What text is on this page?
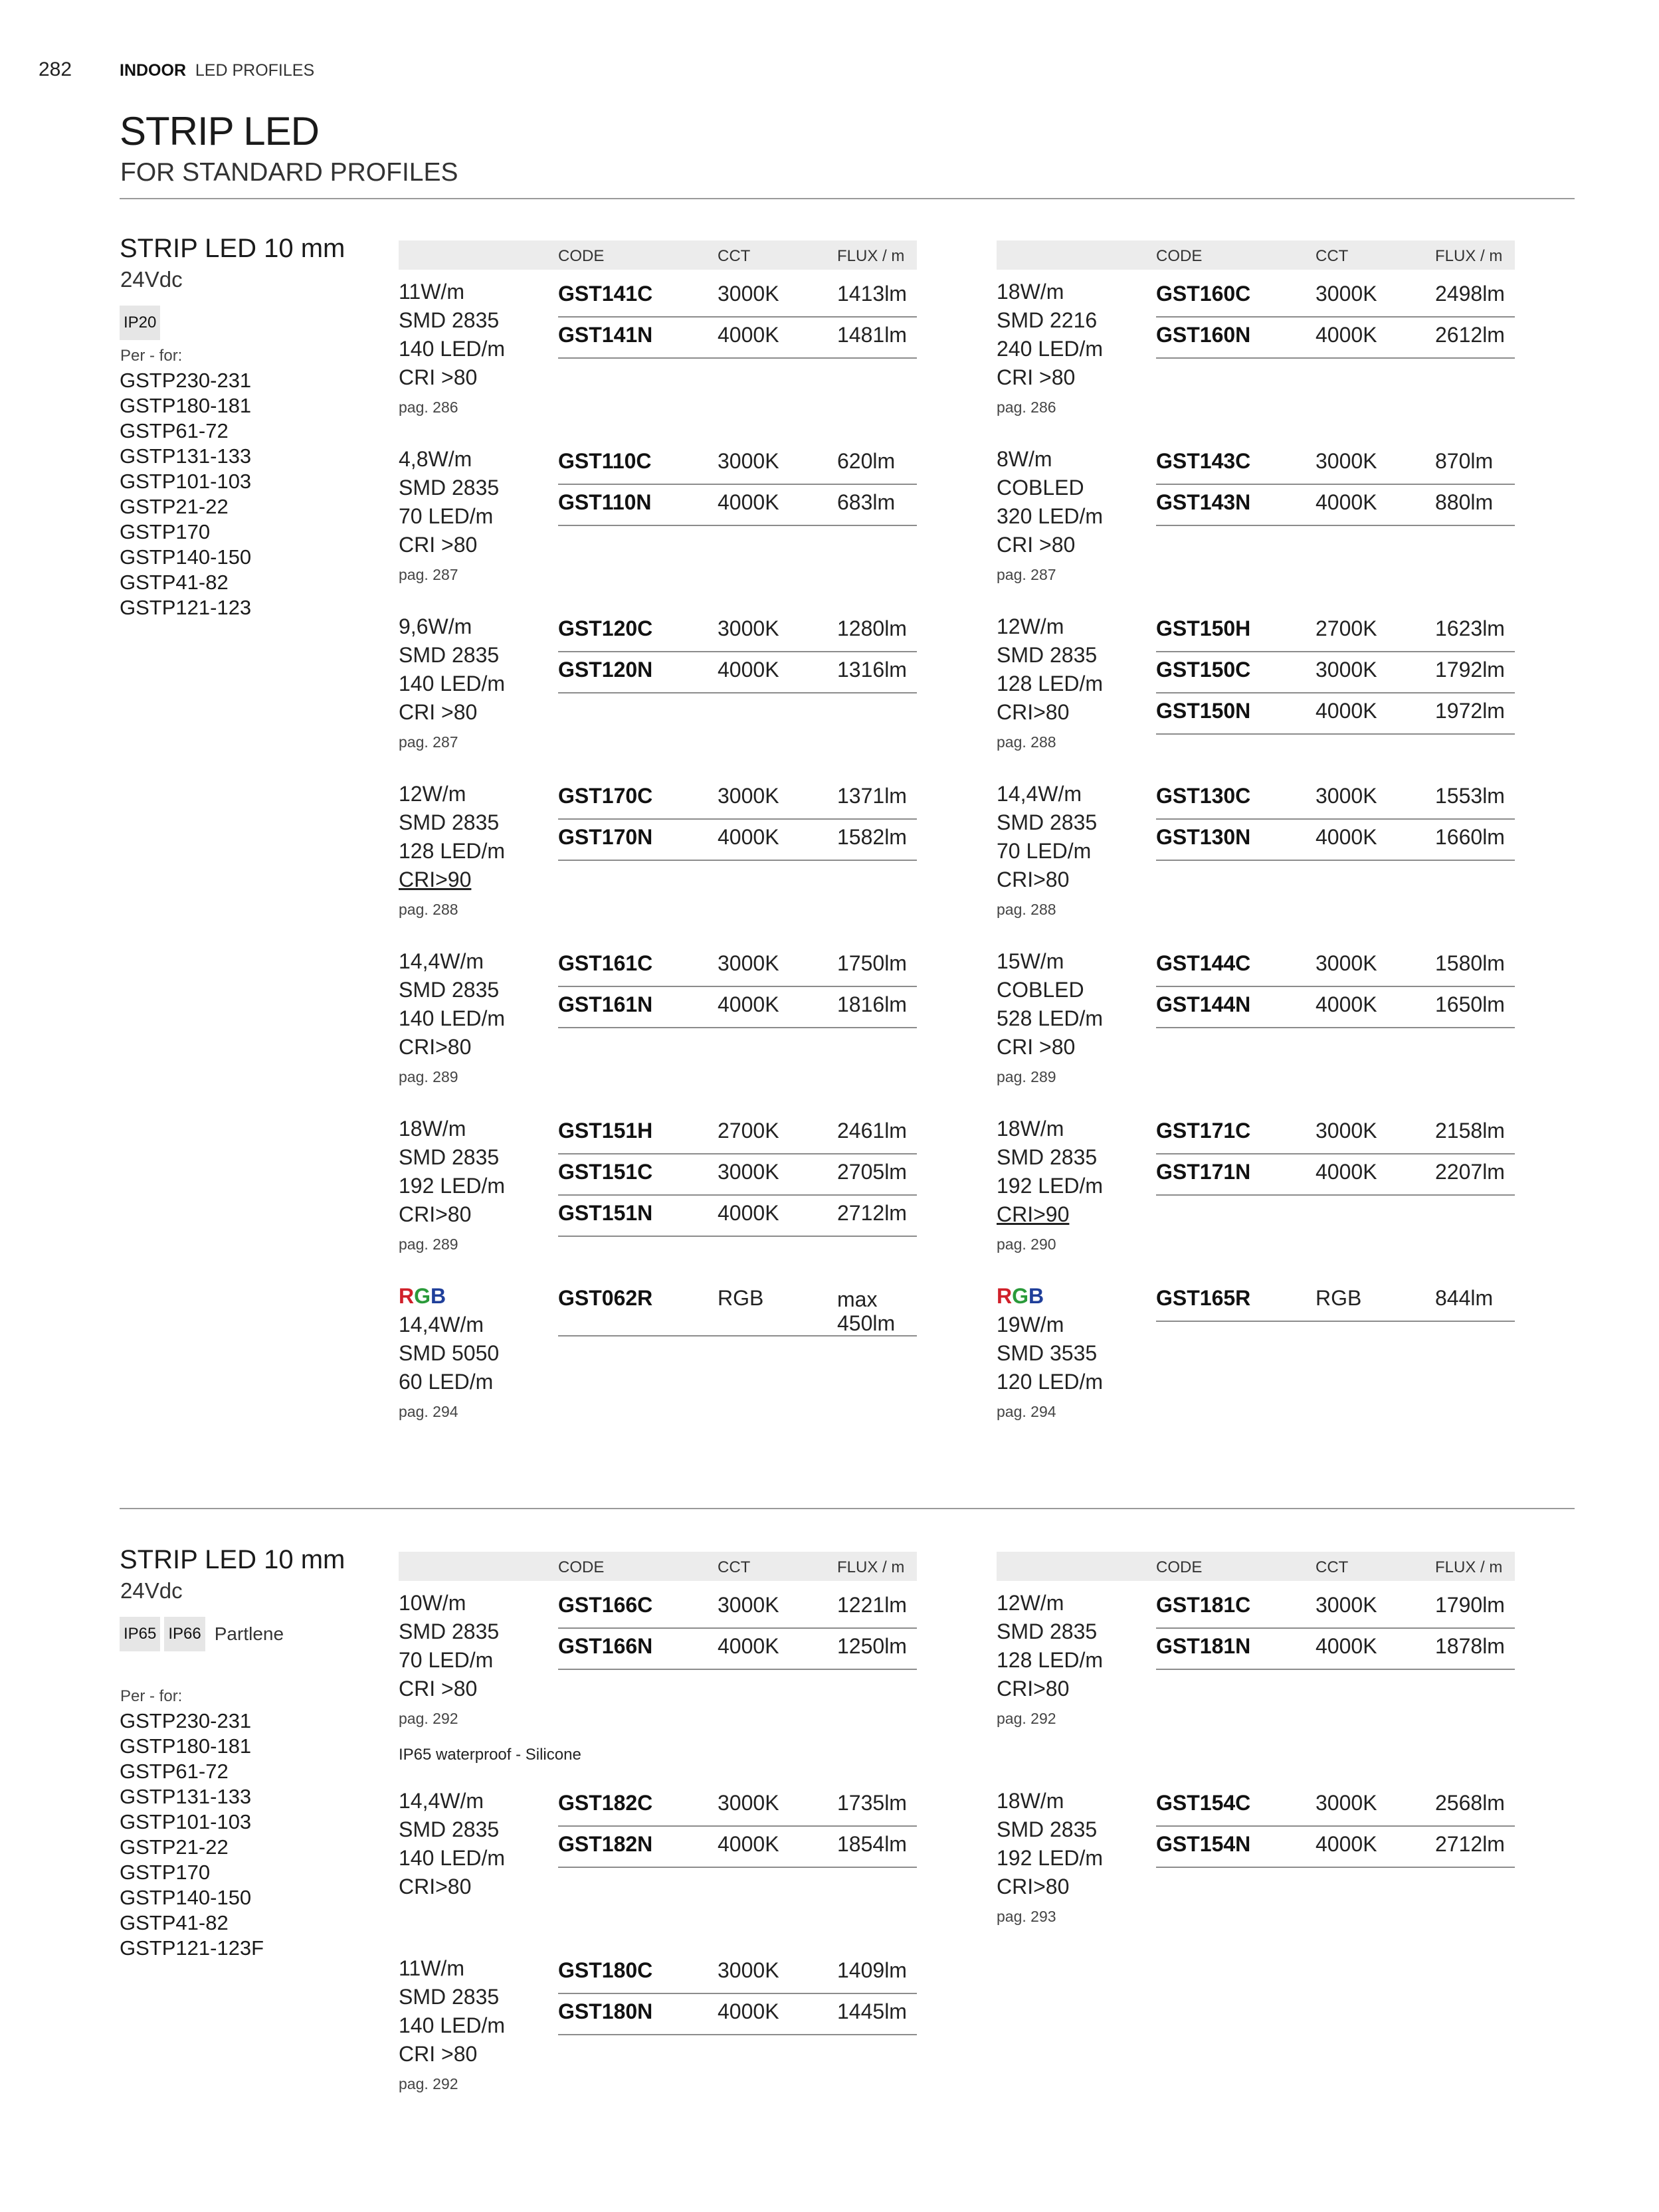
282	INDOOR LED PROFILES
STRIP LED
FOR STANDARD PROFILES
STRIP LED 10 mm
24Vdc
IP20
Per - for:
GSTP230-231
GSTP180-181
GSTP61-72
GSTP131-133
GSTP101-103
GSTP21-22
GSTP170
GSTP140-150
GSTP41-82
GSTP121-123
CODE	CCT	FLUX / m	CODE	CCT	FLUX / m
11W/m
SMD 2835
140 LED/m
CRI >80
pag. 286
GST141C	3000K	1413lm
GST141N	4000K	1481lm
18W/m
SMD 2216
240 LED/m
CRI >80
pag. 286
GST160C	3000K	2498lm
GST160N	4000K	2612lm
4,8W/m
SMD 2835
70 LED/m
CRI >80
pag. 287
GST110C	3000K	620lm
GST110N	4000K	683lm
8W/m
COBLED
320 LED/m
CRI >80
pag. 287
GST143C	3000K	870lm
GST143N	4000K	880lm
9,6W/m
SMD 2835
140 LED/m
CRI >80
pag. 287
GST120C	3000K	1280lm
GST120N	4000K	1316lm
12W/m
SMD 2835
128 LED/m
CRI>80
pag. 288
GST150H	2700K	1623lm
GST150C	3000K	1792lm
GST150N	4000K	1972lm
12W/m
SMD 2835
128 LED/m
CRI>90
pag. 288
GST170C	3000K	1371lm
GST170N	4000K	1582lm
14,4W/m
SMD 2835
70 LED/m
CRI>80
pag. 288
GST130C	3000K	1553lm
GST130N	4000K	1660lm
14,4W/m
SMD 2835
140 LED/m
CRI>80
pag. 289
GST161C	3000K	1750lm
GST161N	4000K	1816lm
15W/m
COBLED
528 LED/m
CRI >80
pag. 289
GST144C	3000K	1580lm
GST144N	4000K	1650lm
18W/m
SMD 2835
192 LED/m
CRI>80
pag. 289
GST151H	2700K	2461lm
GST151C	3000K	2705lm
GST151N	4000K	2712lm
18W/m
SMD 2835
192 LED/m
CRI>90
pag. 290
GST171C	3000K	2158lm
GST171N	4000K	2207lm
RGB
14,4W/m
SMD 5050
60 LED/m
pag. 294
GST062R	RGB	max
450lm
RGB
19W/m
SMD 3535
120 LED/m
pag. 294
GST165R	RGB	844lm
STRIP LED 10 mm
24Vdc
IP65 IP66 Partlene
Per - for:
GSTP230-231
GSTP180-181
GSTP61-72
GSTP131-133
GSTP101-103
GSTP21-22
GSTP170
GSTP140-150
GSTP41-82
GSTP121-123F
CODE	CCT	FLUX / m	CODE	CCT	FLUX / m
10W/m
SMD 2835
70 LED/m
CRI >80
pag. 292
GST166C	3000K	1221lm
GST166N	4000K	1250lm
12W/m
SMD 2835
128 LED/m
CRI>80
pag. 292
GST181C	3000K	1790lm
GST181N	4000K	1878lm
IP65 waterproof - Silicone
14,4W/m
SMD 2835
140 LED/m
CRI>80
GST182C	3000K	1735lm
GST182N	4000K	1854lm
18W/m
SMD 2835
192 LED/m
CRI>80
pag. 293
GST154C	3000K	2568lm
GST154N	4000K	2712lm
11W/m
SMD 2835
140 LED/m
CRI >80
pag. 292
GST180C	3000K	1409lm
GST180N	4000K	1445lm
